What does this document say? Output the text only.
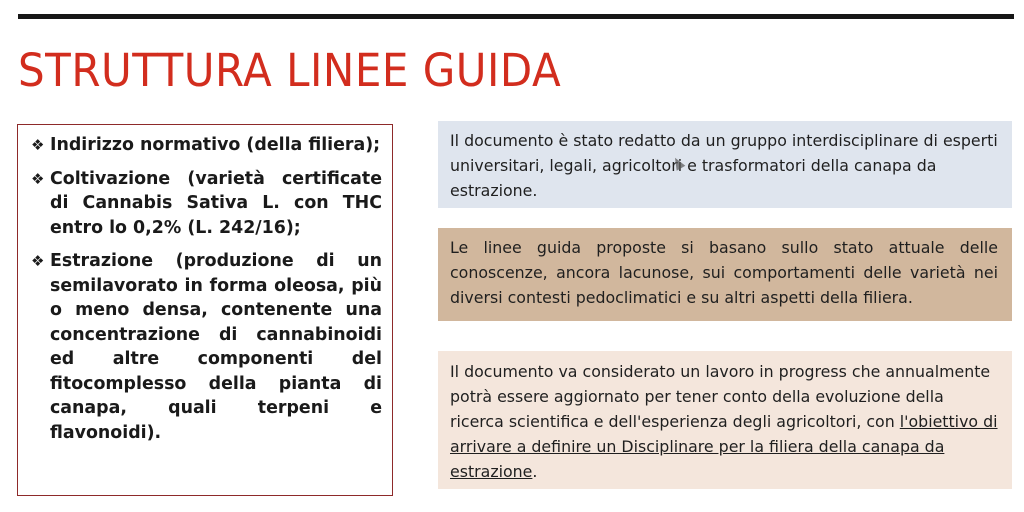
STRUTTURA LINEE GUIDA
❖ Indirizzo normativo (della filiera);
❖ Coltivazione (varietà certificate di Cannabis Sativa L. con THC entro lo 0,2% (L. 242/16);
❖ Estrazione (produzione di un semilavorato in forma oleosa, più o meno densa, contenente una concentrazione di cannabinoidi ed altre componenti del fitocomplesso della pianta di canapa, quali terpeni e flavonoidi).
Il documento è stato redatto da un gruppo interdisciplinare di esperti universitari, legali, agricoltori e trasformatori della canapa da estrazione.
Le linee guida proposte si basano sullo stato attuale delle conoscenze, ancora lacunose, sui comportamenti delle varietà nei diversi contesti pedoclimatici e su altri aspetti della filiera.
Il documento va considerato un lavoro in progress che annualmente potrà essere aggiornato per tener conto della evoluzione della ricerca scientifica e dell'esperienza degli agricoltori, con l'obiettivo di arrivare a definire un Disciplinare per la filiera della canapa da estrazione.
